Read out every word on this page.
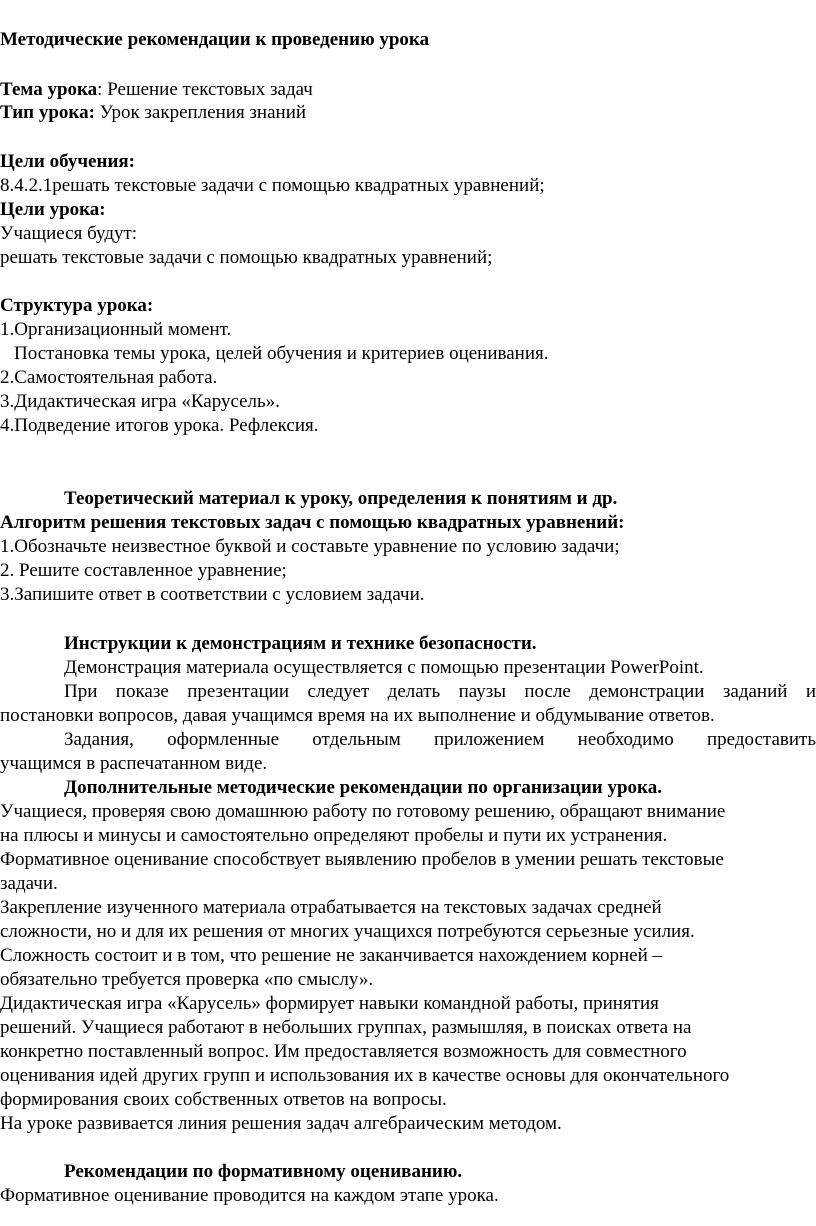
Методические рекомендации к проведению урока
Тема урока: Решение текстовых задач
Тип урока: Урок закрепления знаний
Цели обучения:
8.4.2.1решать текстовые задачи с помощью квадратных уравнений;
Цели урока:
Учащиеся будут:
решать текстовые задачи с помощью квадратных уравнений;
Структура урока:
1.Организационный момент.
Постановка темы урока, целей обучения и критериев оценивания.
2.Самостоятельная работа.
3.Дидактическая игра «Карусель».
4.Подведение итогов урока. Рефлексия.
Теоретический материал к уроку, определения к понятиям и др.
Алгоритм решения текстовых задач с помощью квадратных уравнений:
1.Обозначьте неизвестное буквой и составьте уравнение по условию задачи;
2. Решите составленное уравнение;
3.Запишите ответ в соответствии с условием задачи.
Инструкции к демонстрациям и технике безопасности.
Демонстрация материала осуществляется с помощью презентации PowerPoint.
При показе презентации следует делать паузы после демонстрации заданий и
постановки вопросов, давая учащимся время на их выполнение и обдумывание ответов.
Задания, оформленные отдельным приложением необходимо предоставить
учащимся в распечатанном виде.
Дополнительные методические рекомендации по организации урока.
Учащиеся, проверяя свою домашнюю работу по готовому решению, обращают внимание
на плюсы и минусы и самостоятельно определяют пробелы и пути их устранения.
Формативное оценивание способствует выявлению пробелов в умении решать текстовые
задачи.
Закрепление изученного материала отрабатывается на текстовых задачах средней
сложности, но и для их решения от многих учащихся потребуются серьезные усилия.
Сложность состоит и в том, что решение не заканчивается нахождением корней –
обязательно требуется проверка «по смыслу».
Дидактическая игра «Карусель» формирует навыки командной работы, принятия
решений. Учащиеся работают в небольших группах, размышляя, в поисках ответа на
конкретно поставленный вопрос. Им предоставляется возможность для совместного
оценивания идей других групп и использования их в качестве основы для окончательного
формирования своих собственных ответов на вопросы.
На уроке развивается линия решения задач алгебраическим методом.
Рекомендации по формативному оцениванию.
Формативное оценивание проводится на каждом этапе урока.
